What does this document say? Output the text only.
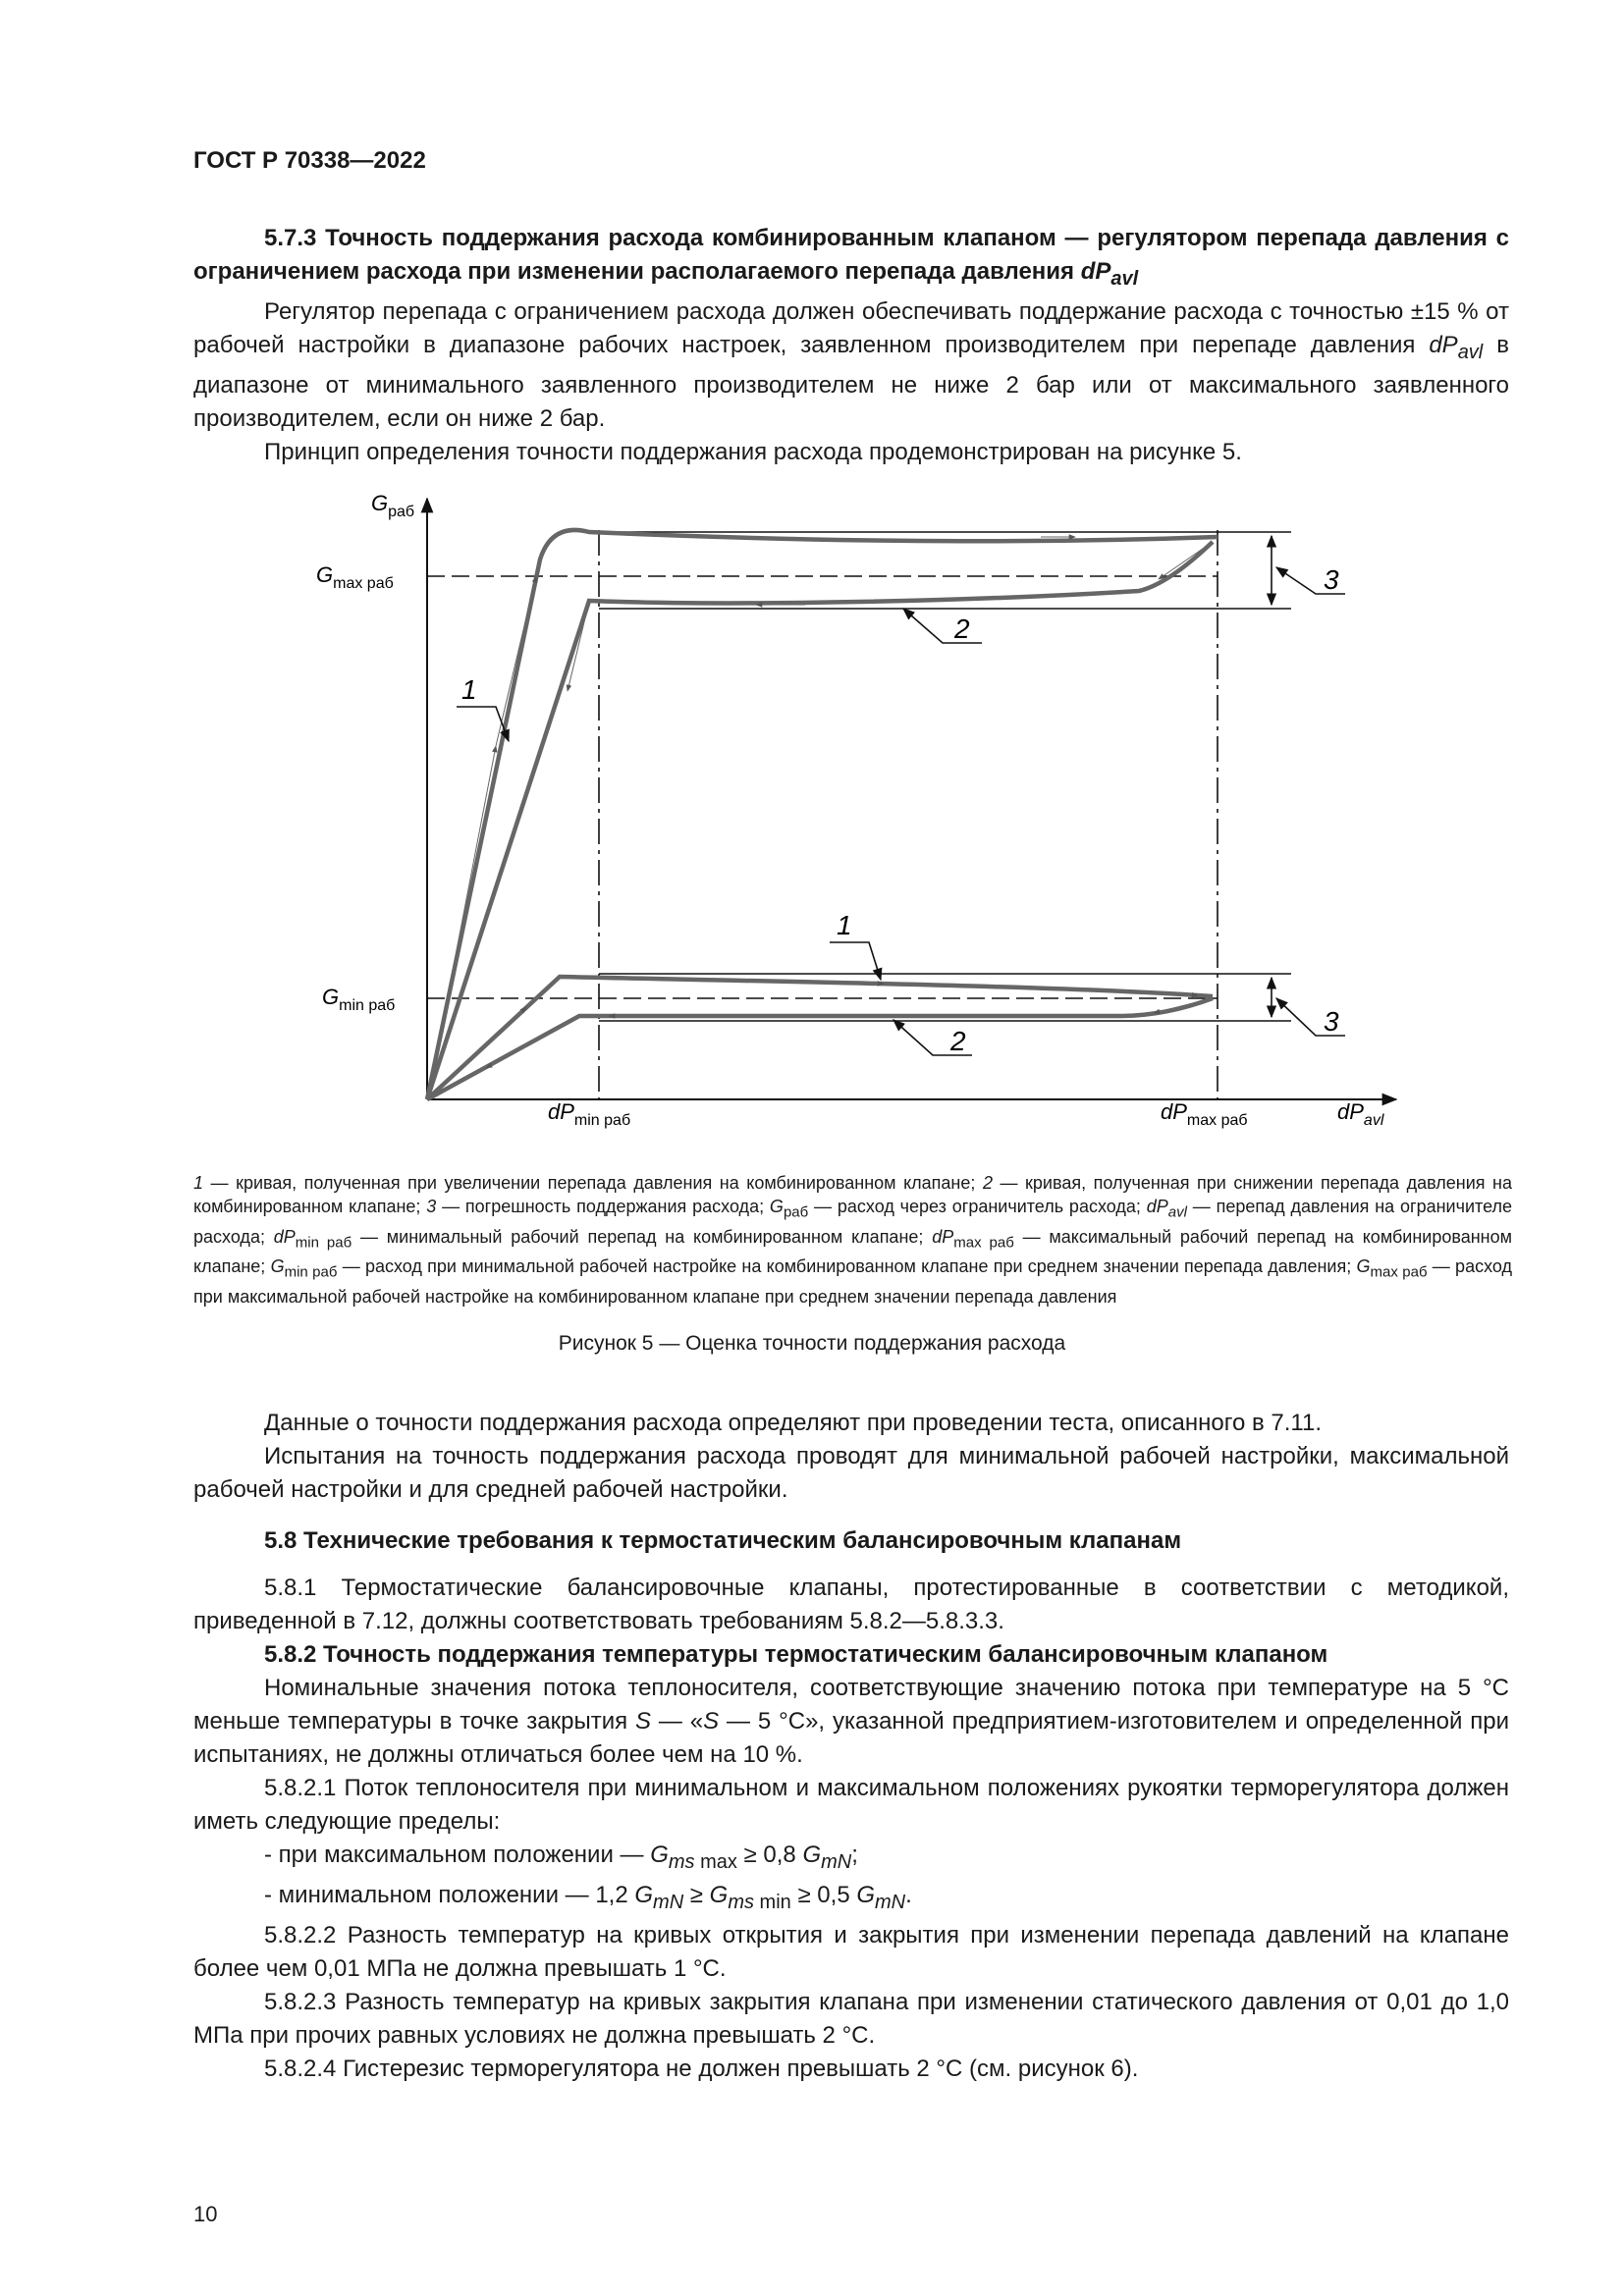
ГОСТ Р 70338—2022

5.7.3 Точность поддержания расхода комбинированным клапаном — регулятором перепада давления с ограничением расхода при изменении располагаемого перепада давления $dP_{avl}$

Регулятор перепада с ограничением расхода должен обеспечивать поддержание расхода с точностью ±15 % от рабочей настройки в диапазоне рабочих настроек, заявленном производителем при перепаде давления $dP_{avl}$ в диапазоне от минимального заявленного производителем не ниже 2 бар или от максимального заявленного производителем, если он ниже 2 бар.

Принцип определения точности поддержания расхода продемонстрирован на рисунке 5.

1
2
3
1
2
3
$G_{раб}$
$G_{max раб}$
$G_{min раб}$
$dP_{min раб}$	$dP_{max раб}$	$dP_{avl}$
1 — кривая, полученная при увеличении перепада давления на комбинированном клапане; 2 — кривая, полученная при снижении перепада давления на комбинированном клапане; 3 — погрешность поддержания расхода; $G_{раб}$ — расход через ограничитель расхода; $dP_{avl}$ — перепад давления на ограничителе расхода; $dP_{min раб}$ — минимальный рабочий перепад на комбинированном клапане; $dP_{max раб}$ — максимальный рабочий перепад на комбинированном клапане; $G_{min раб}$ — расход при минимальной рабочей настройке на комбинированном клапане при среднем значении перепада давления; $G_{max раб}$ — расход при максимальной рабочей настройке на комбинированном клапане при среднем значении перепада давления
Рисунок 5 — Оценка точности поддержания расхода

Данные о точности поддержания расхода определяют при проведении теста, описанного в 7.11.

Испытания на точность поддержания расхода проводят для минимальной рабочей настройки, максимальной рабочей настройки и для средней рабочей настройки.

5.8 Технические требования к термостатическим балансировочным клапанам

5.8.1 Термостатические балансировочные клапаны, протестированные в соответствии с методикой, приведенной в 7.12, должны соответствовать требованиям 5.8.2—5.8.3.3.

5.8.2 Точность поддержания температуры термостатическим балансировочным клапаном

Номинальные значения потока теплоносителя, соответствующие значению потока при температуре на 5 °С меньше температуры в точке закрытия S — «S — 5 °С», указанной предприятием-изготовителем и определенной при испытаниях, не должны отличаться более чем на 10 %.

5.8.2.1 Поток теплоносителя при минимальном и максимальном положениях рукоятки терморегулятора должен иметь следующие пределы:

- при максимальном положении — $G_{ms max} \ge 0,8$ $G_{mN}$;

- минимальном положении — 1,2 $G_{mN} \ge G_{ms min} \ge 0,5$ $G_{mN}$.

5.8.2.2 Разность температур на кривых открытия и закрытия при изменении перепада давлений на клапане более чем 0,01 МПа не должна превышать 1 °С.

5.8.2.3 Разность температур на кривых закрытия клапана при изменении статического давления от 0,01 до 1,0 МПа при прочих равных условиях не должна превышать 2 °С.

5.8.2.4 Гистерезис терморегулятора не должен превышать 2 °С (см. рисунок 6).

10
